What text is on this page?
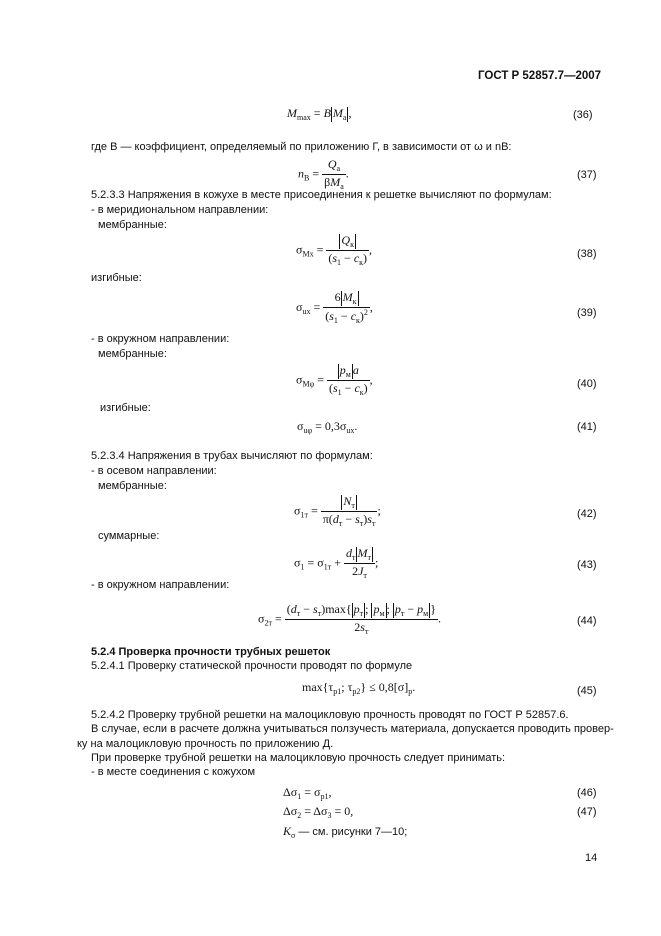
ГОСТ Р 52857.7—2007
$M_{max} = B$ $M_a$ ,	(36)
где B — коэффициент, определяемый по приложению Г, в зависимости от ω и nB:
$n_B = \frac{Q_a}{\beta M_a}$ .	(37)
5.2.3.3 Напряжения в кожухе в месте присоединения к решетке вычисляют по формулам:
- в меридиональном направлении:
мембранные:
$\sigma_{Mx} = \frac{Q_к}{(s_1 - c_к)}$ ,	(38)
изгибные:
$\sigma_{uх} = \frac{6 M_к}{(s_1 - c_к)^2}$ ,	(39)
- в окружном направлении:
мембранные:
$\sigma_{M\varphi} = \frac{p_м a}{(s_1 - c_к)}$ ,	(40)
изгибные:
$\sigma_{u\varphi} = 0,3\sigma_{uх}$.	(41)
5.2.3.4 Напряжения в трубах вычисляют по формулам:
- в осевом направлении:
мембранные:
$\sigma_{1т} = \frac{N_т}{\pi(d_т - s_т)s_т}$ ;	(42)
суммарные:
$\sigma_1 = \sigma_{1т} + \frac{d_т M_т}{2J_т}$ ;	(43)
- в окружном направлении:
$\sigma_{2т} = \frac{(d_т - s_т)\max\{ p_т ; p_м ; p_т - p_м \}}{2s_т}$ .	(44)
5.2.4 Проверка прочности трубных решеток
5.2.4.1 Проверку статической прочности проводят по формуле
$\max\{\tau_{p1}$; $\tau_{p2}\} \le 0,8[\sigma]_p$.	(45)
5.2.4.2 Проверку трубной решетки на малоцикловую прочность проводят по ГОСТ Р 52857.6.
В случае, если в расчете должна учитываться ползучесть материала, допускается проводить провер-
ку на малоцикловую прочность по приложению Д.
При проверке трубной решетки на малоцикловую прочность следует принимать:
- в месте соединения с кожухом
$\Delta\sigma_1 = \sigma_{p1}$,	(46)
$\Delta\sigma_2 = \Delta\sigma_3 = 0$,	(47)
$K_\sigma$ — см. рисунки 7—10;
14
